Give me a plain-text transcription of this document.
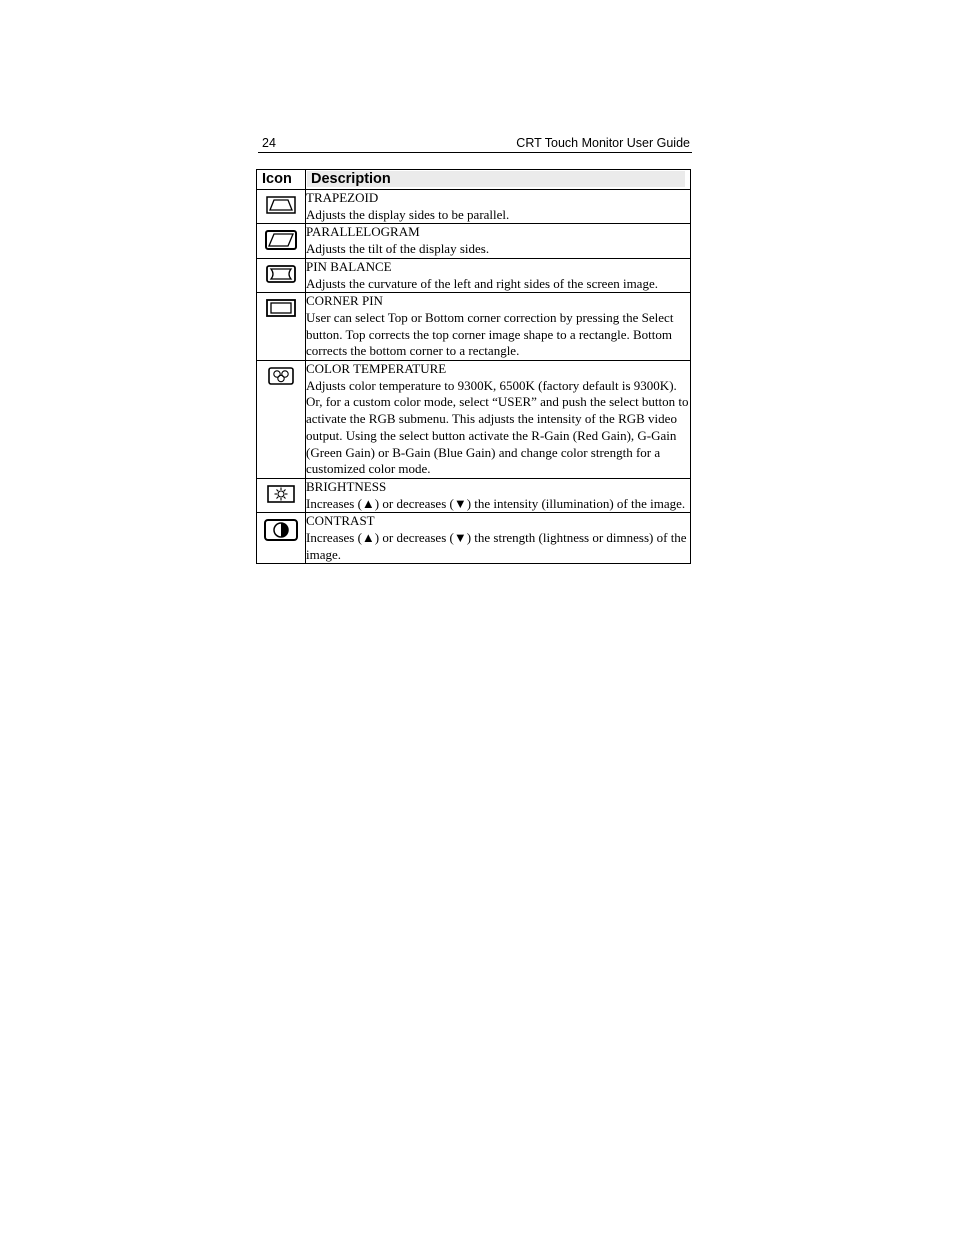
24	CRT Touch Monitor User Guide
Icon	Description

TRAPEZOID
Adjusts the display sides to be parallel.

PARALLELOGRAM
Adjusts the tilt of the display sides.

PIN BALANCE
Adjusts the curvature of the left and right sides of the screen image.

CORNER PIN
User can select Top or Bottom corner correction by pressing the Select button. Top corrects the top corner image shape to a rectangle. Bottom corrects the bottom corner to a rectangle.

COLOR TEMPERATURE
Adjusts color temperature to 9300K, 6500K (factory default is 9300K). Or, for a custom color mode, select “USER” and push the select button to activate the RGB submenu. This adjusts the intensity of the RGB video output. Using the select button activate the R-Gain (Red Gain), G-Gain (Green Gain) or B-Gain (Blue Gain) and change color strength for a customized color mode.

BRIGHTNESS
Increases (▲) or decreases (▼) the intensity (illumination) of the image.

CONTRAST
Increases (▲) or decreases (▼) the strength (lightness or dimness) of the image.
